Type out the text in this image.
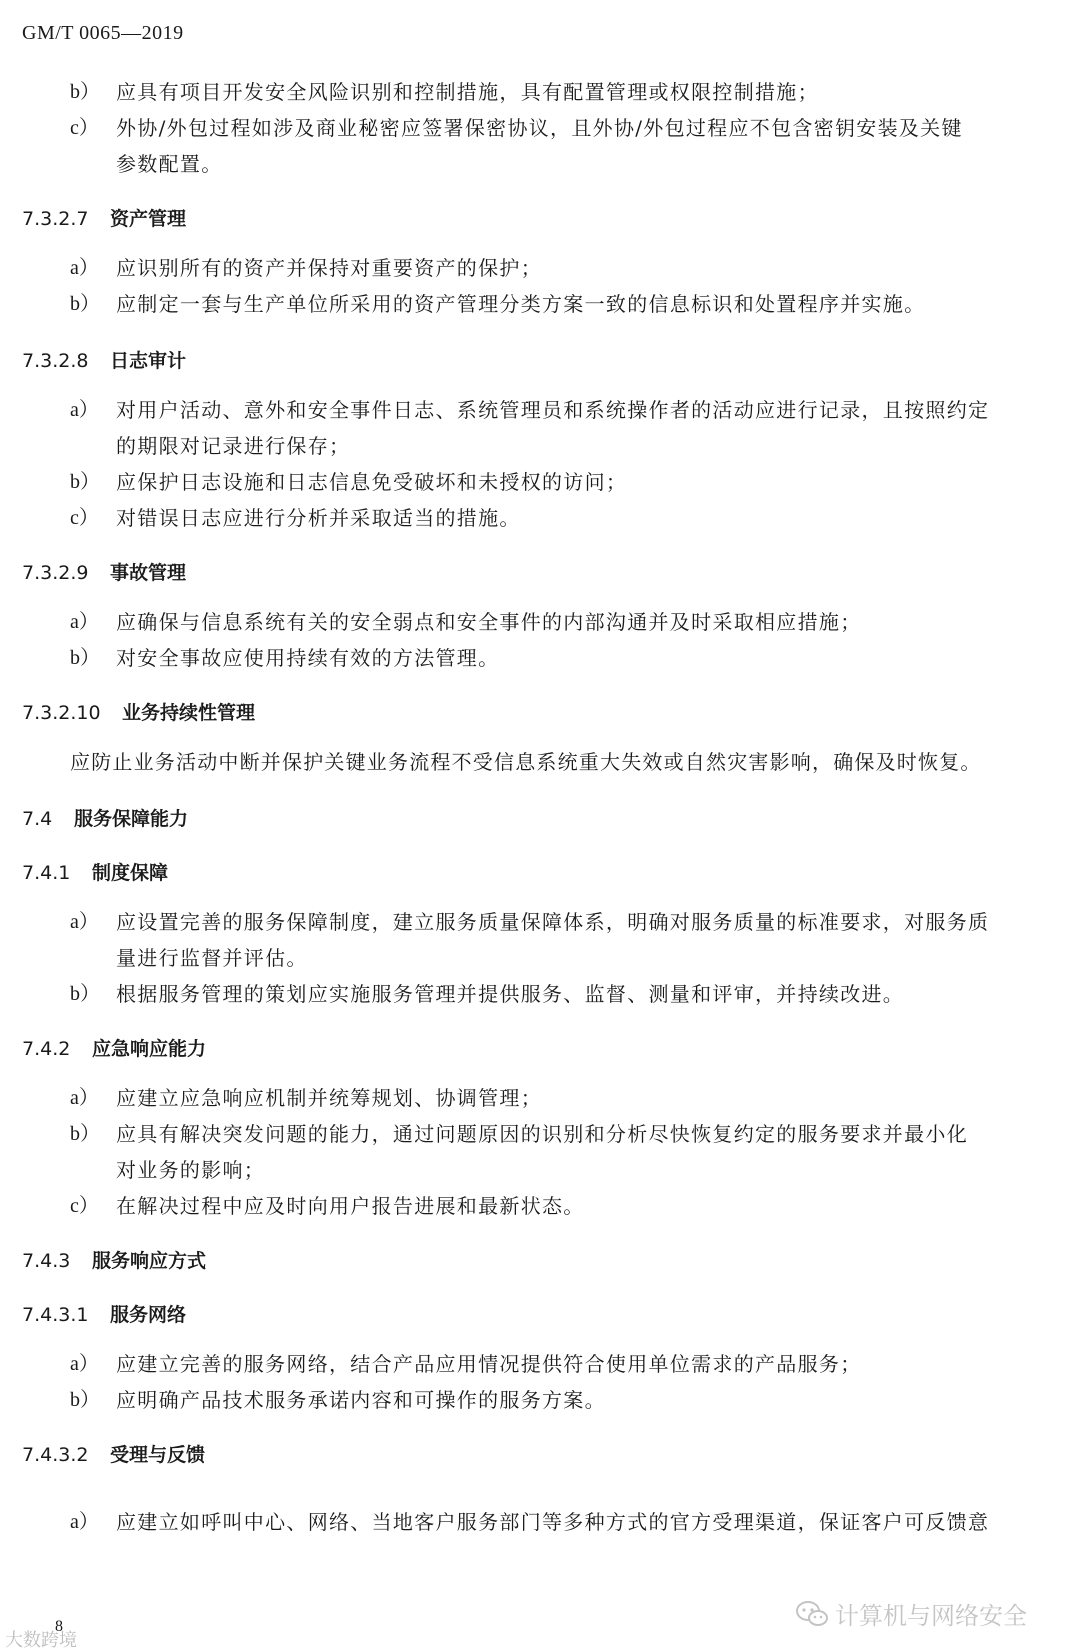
GM/T 0065—2019
b） 应具有项目开发安全风险识别和控制措施，具有配置管理或权限控制措施；
c） 外协/外包过程如涉及商业秘密应签署保密协议，且外协/外包过程应不包含密钥安装及关键
参数配置。
7.3.2.7 资产管理
a） 应识别所有的资产并保持对重要资产的保护；
b） 应制定一套与生产单位所采用的资产管理分类方案一致的信息标识和处置程序并实施。
7.3.2.8 日志审计
a） 对用户活动、意外和安全事件日志、系统管理员和系统操作者的活动应进行记录，且按照约定
的期限对记录进行保存；
b） 应保护日志设施和日志信息免受破坏和未授权的访问；
c） 对错误日志应进行分析并采取适当的措施。
7.3.2.9 事故管理
a） 应确保与信息系统有关的安全弱点和安全事件的内部沟通并及时采取相应措施；
b） 对安全事故应使用持续有效的方法管理。
7.3.2.10 业务持续性管理
应防止业务活动中断并保护关键业务流程不受信息系统重大失效或自然灾害影响，确保及时恢复。
7.4 服务保障能力
7.4.1 制度保障
a） 应设置完善的服务保障制度，建立服务质量保障体系，明确对服务质量的标准要求，对服务质
量进行监督并评估。
b） 根据服务管理的策划应实施服务管理并提供服务、监督、测量和评审，并持续改进。
7.4.2 应急响应能力
a） 应建立应急响应机制并统筹规划、协调管理；
b） 应具有解决突发问题的能力，通过问题原因的识别和分析尽快恢复约定的服务要求并最小化
对业务的影响；
c） 在解决过程中应及时向用户报告进展和最新状态。
7.4.3 服务响应方式
7.4.3.1 服务网络
a） 应建立完善的服务网络，结合产品应用情况提供符合使用单位需求的产品服务；
b） 应明确产品技术服务承诺内容和可操作的服务方案。
7.4.3.2 受理与反馈
a） 应建立如呼叫中心、网络、当地客户服务部门等多种方式的官方受理渠道，保证客户可反馈意
8
大数跨境
计算机与网络安全
